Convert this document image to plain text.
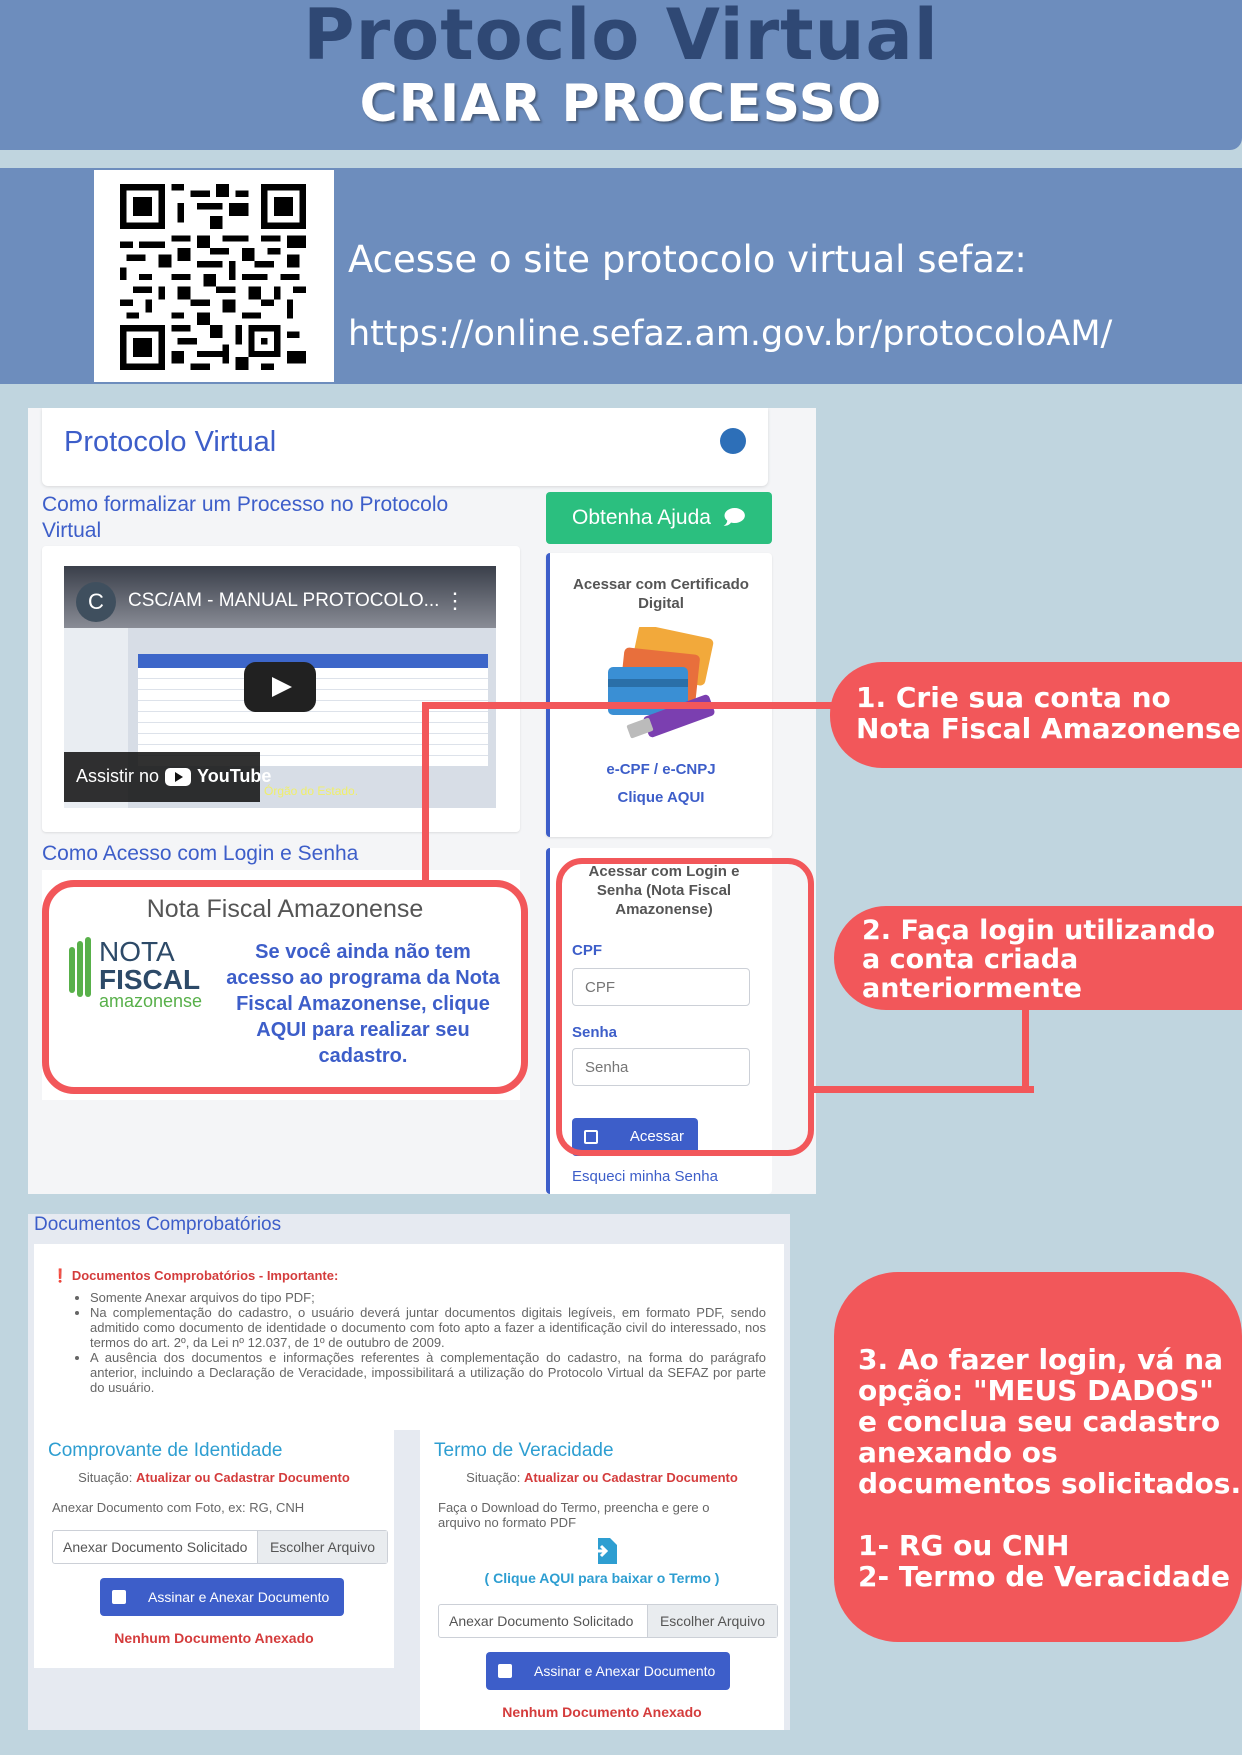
Protoclo Virtual
CRIAR PROCESSO
Acesse o site protocolo virtual sefaz:
https://online.sefaz.am.gov.br/protocoloAM/
Protocolo Virtual
Como formalizar um Processo no Protocolo Virtual
C	CSC/AM - MANUAL PROTOCOLO... ⋮
Órgão do Estado.
Assistir no YouTube
Obtenha Ajuda  🗩
Acessar com Certificado Digital
e-CPF / e-CNPJ
Clique AQUI
Como Acesso com Login e Senha
Acessar com Login e Senha (Nota Fiscal Amazonense)
CPF
CPF
Senha
Senha
Acessar
Esqueci minha Senha
Nota Fiscal Amazonense
NOTA
FISCAL
amazonense
Se você ainda não tem acesso ao programa da Nota Fiscal Amazonense, clique AQUI para realizar seu cadastro.
1. Crie sua conta no Nota Fiscal Amazonense
2. Faça login utilizando a conta criada anteriormente
3. Ao fazer login, vá na opção: "MEUS DADOS" e conclua seu cadastro anexando os documentos solicitados.
1- RG ou CNH
2- Termo de Veracidade
Documentos Comprobatórios
❗ Documentos Comprobatórios - Importante:
• Somente Anexar arquivos do tipo PDF;
• Na complementação do cadastro, o usuário deverá juntar documentos digitais legíveis, em formato PDF, sendo admitido como documento de identidade o documento com foto apto a fazer a identificação civil do interessado, nos termos do art. 2º, da Lei nº 12.037, de 1º de outubro de 2009.
• A ausência dos documentos e informações referentes à complementação do cadastro, na forma do parágrafo anterior, incluindo a Declaração de Veracidade, impossibilitará a utilização do Protocolo Virtual da SEFAZ por parte do usuário.
Comprovante de Identidade
Situação: Atualizar ou Cadastrar Documento
Anexar Documento com Foto, ex: RG, CNH
Anexar Documento Solicitado	Escolher Arquivo
Assinar e Anexar Documento
Nenhum Documento Anexado
Termo de Veracidade
Situação: Atualizar ou Cadastrar Documento
Faça o Download do Termo, preencha e gere o arquivo no formato PDF
( Clique AQUI para baixar o Termo )
Anexar Documento Solicitado	Escolher Arquivo
Assinar e Anexar Documento
Nenhum Documento Anexado
